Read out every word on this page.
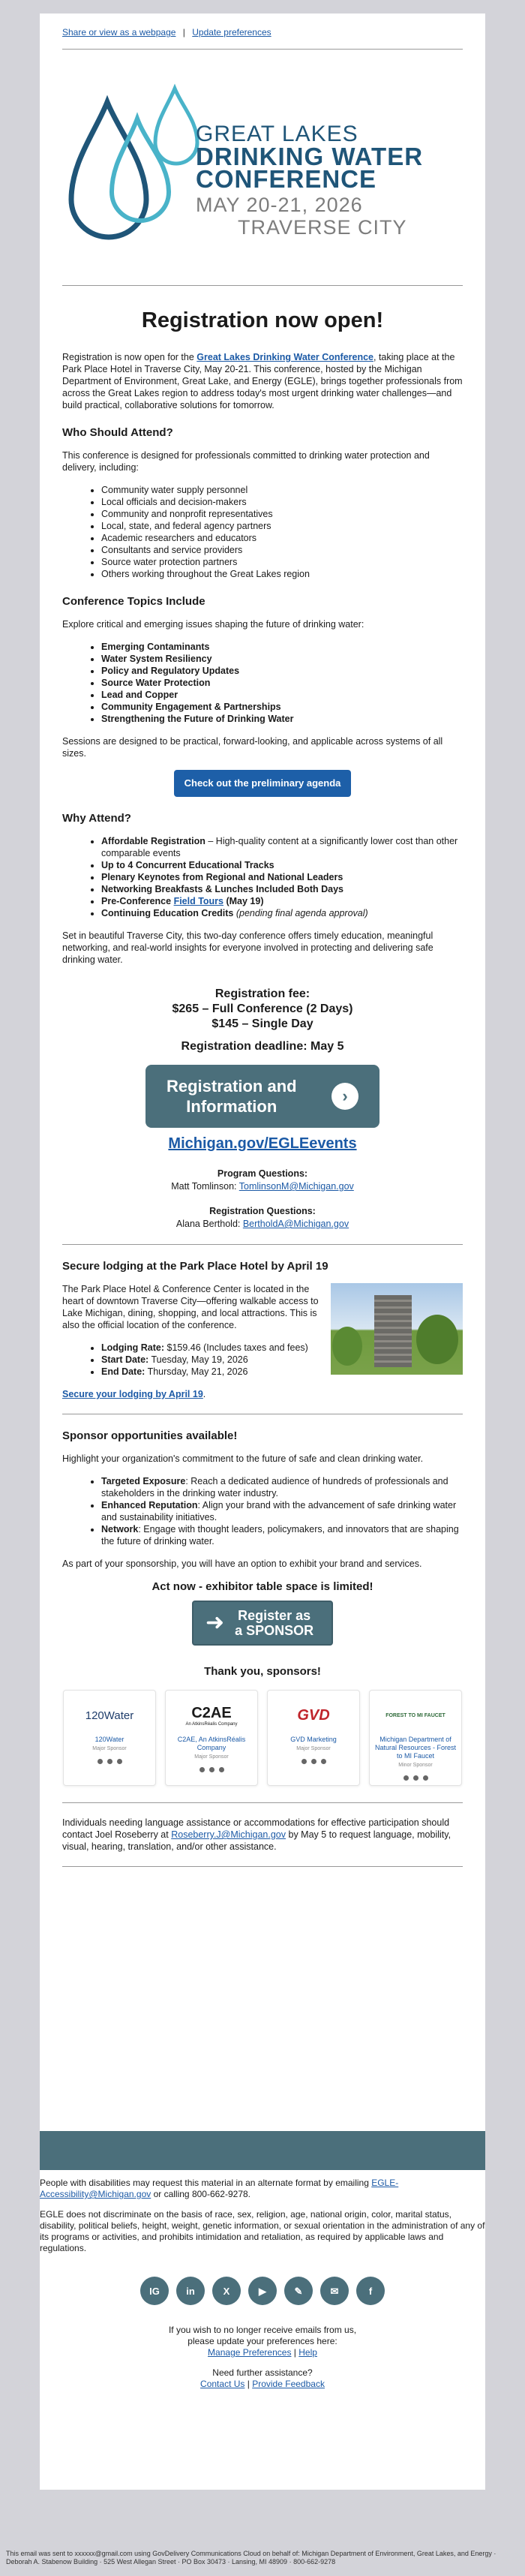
Share or view as a webpage | Update preferences
GREAT LAKES
DRINKING WATER
CONFERENCE
MAY 20-21, 2026
TRAVERSE CITY
Registration now open!

Registration is now open for the Great Lakes Drinking Water Conference, taking place at the Park Place Hotel in Traverse City, May 20-21. This conference, hosted by the Michigan Department of Environment, Great Lake, and Energy (EGLE), brings together professionals from across the Great Lakes region to address today's most urgent drinking water challenges—and build practical, collaborative solutions for tomorrow.

Who Should Attend?

This conference is designed for professionals committed to drinking water protection and delivery, including:

• Community water supply personnel
• Local officials and decision-makers
• Community and nonprofit representatives
• Local, state, and federal agency partners
• Academic researchers and educators
• Consultants and service providers
• Source water protection partners
• Others working throughout the Great Lakes region
Conference Topics Include

Explore critical and emerging issues shaping the future of drinking water:

• Emerging Contaminants
• Water System Resiliency
• Policy and Regulatory Updates
• Source Water Protection
• Lead and Copper
• Community Engagement & Partnerships
• Strengthening the Future of Drinking Water

Sessions are designed to be practical, forward-looking, and applicable across systems of all sizes.

Check out the preliminary agenda
Why Attend?
• Affordable Registration – High-quality content at a significantly lower cost than other comparable events
• Up to 4 Concurrent Educational Tracks
• Plenary Keynotes from Regional and National Leaders
• Networking Breakfasts & Lunches Included Both Days
• Pre-Conference Field Tours (May 19)
• Continuing Education Credits (pending final agenda approval)

Set in beautiful Traverse City, this two-day conference offers timely education, meaningful networking, and real-world insights for everyone involved in protecting and delivering safe drinking water.

Registration fee:
$265 – Full Conference (2 Days)
$145 – Single Day
Registration deadline: May 5
Registration and
Information
›
Michigan.gov/EGLEevents
Program Questions:
Matt Tomlinson: TomlinsonM@Michigan.gov
Registration Questions:
Alana Berthold: BertholdA@Michigan.gov
Secure lodging at the Park Place Hotel by April 19

The Park Place Hotel & Conference Center is located in the heart of downtown Traverse City—offering walkable access to Lake Michigan, dining, shopping, and local attractions. This is also the official location of the conference.

• Lodging Rate: $159.46 (Includes taxes and fees)
• Start Date: Tuesday, May 19, 2026
• End Date: Thursday, May 21, 2026

Secure your lodging by April 19.

Sponsor opportunities available!

Highlight your organization's commitment to the future of safe and clean drinking water.

• Targeted Exposure: Reach a dedicated audience of hundreds of professionals and stakeholders in the drinking water industry.
• Enhanced Reputation: Align your brand with the advancement of safe drinking water and sustainability initiatives.
• Network: Engage with thought leaders, policymakers, and innovators that are shaping the future of drinking water.

As part of your sponsorship, you will have an option to exhibit your brand and services.

Act now - exhibitor table space is limited!
➜ Register as
a SPONSOR
Thank you, sponsors!
120Water
120Water
Major Sponsor
C2AE
An AtkinsRéalis Company
C2AE, An AtkinsRéalis Company
Major Sponsor
GVD
GVD Marketing
Major Sponsor
FOREST TO MI FAUCET
Michigan Department of Natural Resources - Forest to MI Faucet
Minor Sponsor

Individuals needing language assistance or accommodations for effective participation should contact Joel Roseberry at Roseberry.J@Michigan.gov by May 5 to request language, mobility, visual, hearing, translation, and/or other assistance.

People with disabilities may request this material in an alternate format by emailing EGLE-Accessibility@Michigan.gov or calling 800-662-9278.

EGLE does not discriminate on the basis of race, sex, religion, age, national origin, color, marital status, disability, political beliefs, height, weight, genetic information, or sexual orientation in the administration of any of its programs or activities, and prohibits intimidation and retaliation, as required by applicable laws and regulations.

IG	in	X	▶	✎	✉	f
If you wish to no longer receive emails from us,
please update your preferences here:
Manage Preferences | Help
Need further assistance?
Contact Us | Provide Feedback
This email was sent to xxxxxx@gmail.com using GovDelivery Communications Cloud on behalf of: Michigan Department of Environment, Great Lakes, and Energy · Deborah A. Stabenow Building · 525 West Allegan Street · PO Box 30473 · Lansing, MI 48909 · 800-662-9278
